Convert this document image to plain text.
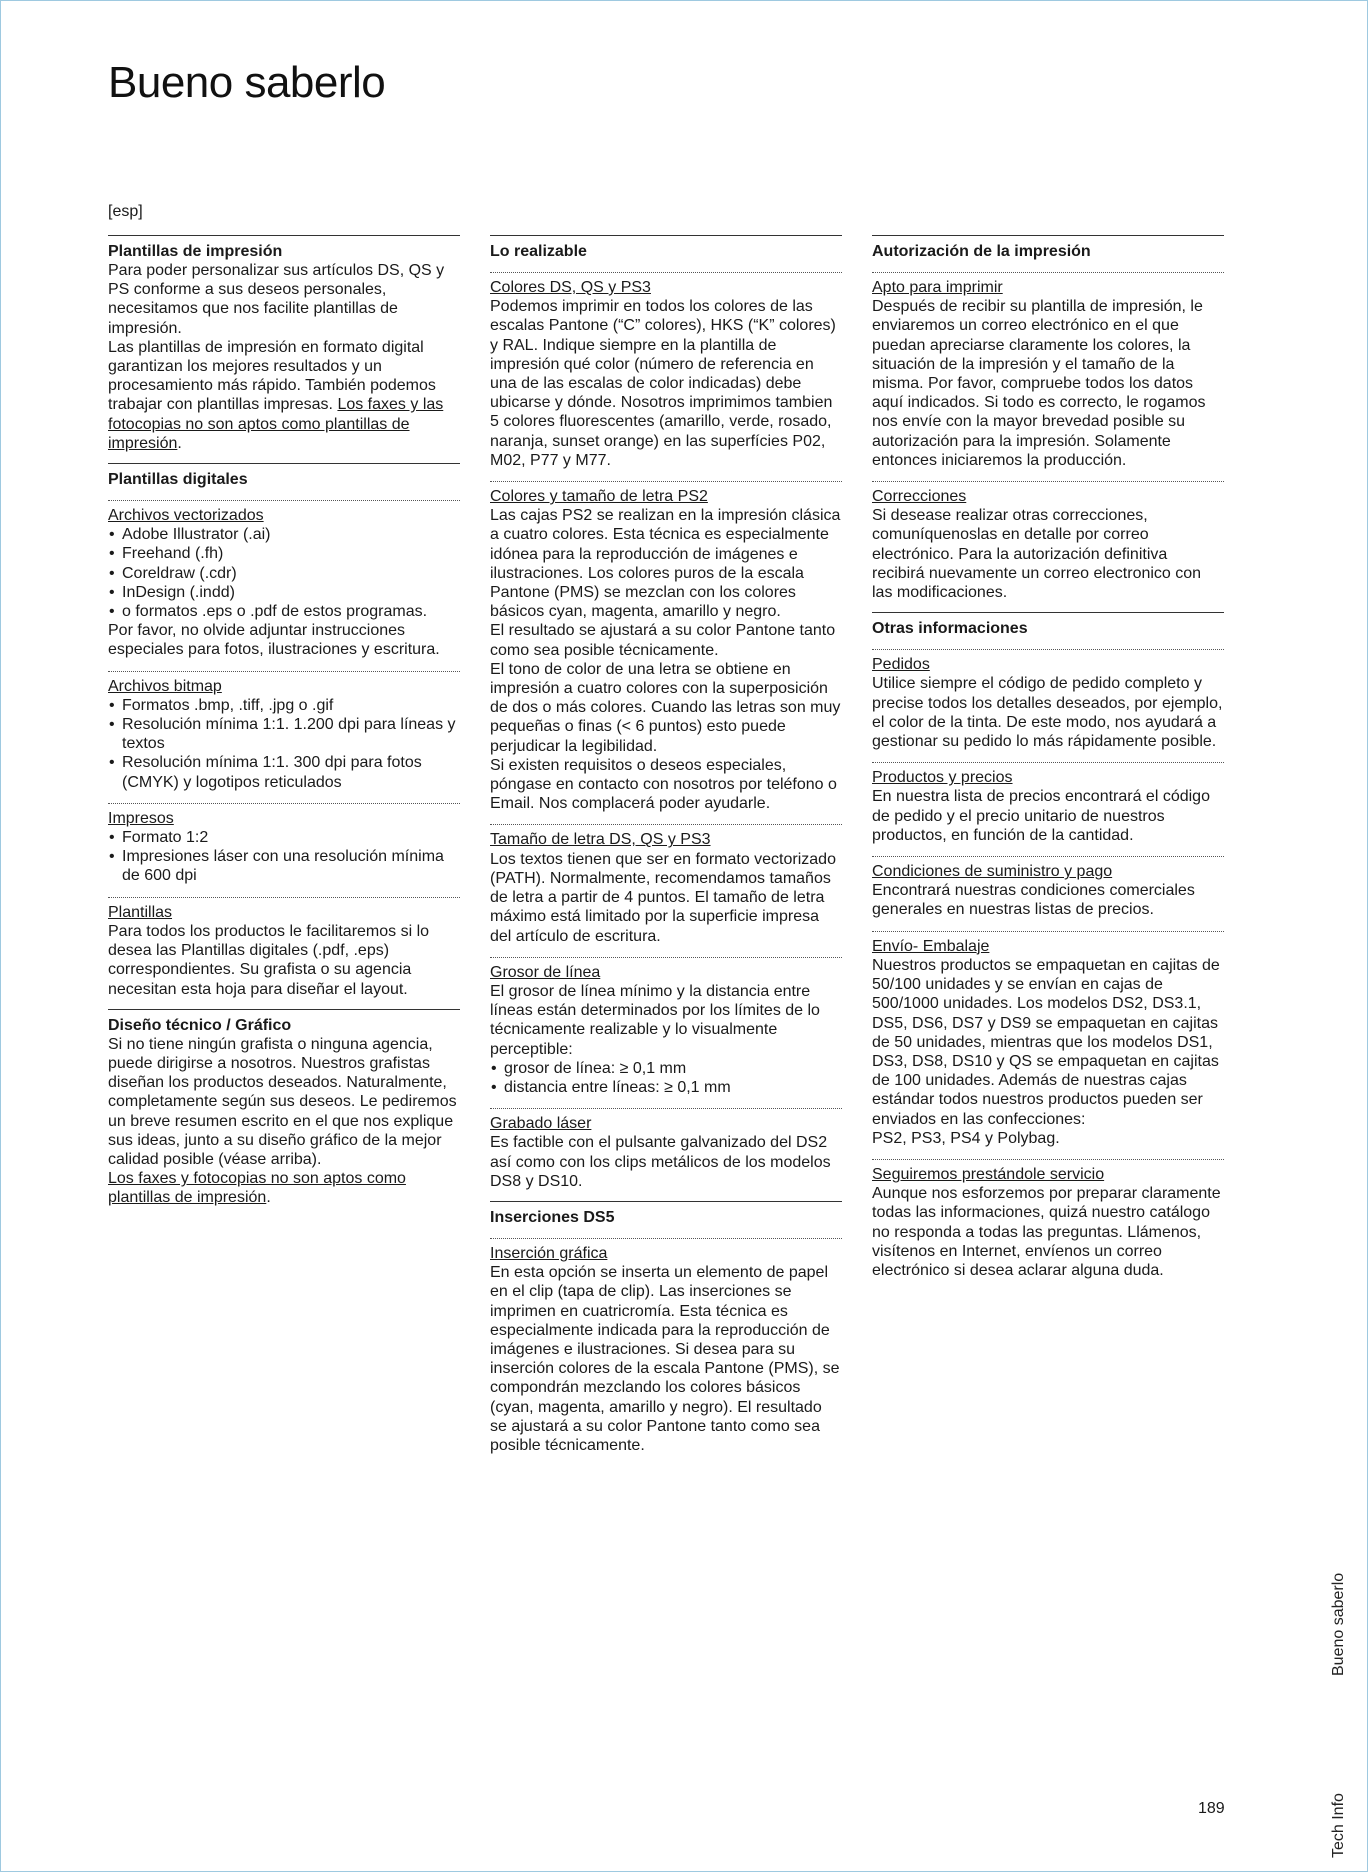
Bueno saberlo
[esp]
Plantillas de impresión
Para poder personalizar sus artículos DS, QS y PS conforme a sus deseos personales, necesitamos que nos facilite plantillas de impresión.
Las plantillas de impresión en formato digital garantizan los mejores resultados y un procesamiento más rápido. También podemos trabajar con plantillas impresas. Los faxes y las fotocopias no son aptos como plantillas de impresión.
Plantillas digitales
Archivos vectorizados
• Adobe Illustrator (.ai)
• Freehand (.fh)
• Coreldraw (.cdr)
• InDesign (.indd)
• o formatos .eps o .pdf de estos programas.
Por favor, no olvide adjuntar instrucciones especiales para fotos, ilustraciones y escritura.
Archivos bitmap
• Formatos .bmp, .tiff, .jpg o .gif
• Resolución mínima 1:1. 1.200 dpi para líneas y textos
• Resolución mínima 1:1. 300 dpi para fotos (CMYK) y logotipos reticulados
Impresos
• Formato 1:2
• Impresiones láser con una resolución mínima de 600 dpi
Plantillas
Para todos los productos le facilitaremos si lo desea las Plantillas digitales (.pdf, .eps) correspondientes. Su grafista o su agencia necesitan esta hoja para diseñar el layout.
Diseño técnico / Gráfico
Si no tiene ningún grafista o ninguna agencia, puede dirigirse a nosotros. Nuestros grafistas diseñan los productos deseados. Naturalmente, completamente según sus deseos. Le pediremos un breve resumen escrito en el que nos explique sus ideas, junto a su diseño gráfico de la mejor calidad posible (véase arriba).
Los faxes y fotocopias no son aptos como plantillas de impresión.
Lo realizable
Colores DS, QS y PS3
Podemos imprimir en todos los colores de las escalas Pantone (“C” colores), HKS (“K” colores) y RAL. Indique siempre en la plantilla de impresión qué color (número de referencia en una de las escalas de color indicadas) debe ubicarse y dónde. Nosotros imprimimos tambien 5 colores fluorescentes (amarillo, verde, rosado, naranja, sunset orange) en las superfícies P02, M02, P77 y M77.
Colores y tamaño de letra PS2
Las cajas PS2 se realizan en la impresión clásica a cuatro colores. Esta técnica es especialmente idónea para la reproducción de imágenes e ilustraciones. Los colores puros de la escala Pantone (PMS) se mezclan con los colores básicos cyan, magenta, amarillo y negro.
El resultado se ajustará a su color Pantone tanto como sea posible técnicamente.
El tono de color de una letra se obtiene en impresión a cuatro colores con la superposición de dos o más colores. Cuando las letras son muy pequeñas o finas (< 6 puntos) esto puede perjudicar la legibilidad.
Si existen requisitos o deseos especiales, póngase en contacto con nosotros por teléfono o Email. Nos complacerá poder ayudarle.
Tamaño de letra DS, QS y PS3
Los textos tienen que ser en formato vectorizado (PATH). Normalmente, recomendamos tamaños de letra a partir de 4 puntos. El tamaño de letra máximo está limitado por la superficie impresa del artículo de escritura.
Grosor de línea
El grosor de línea mínimo y la distancia entre líneas están determinados por los límites de lo técnicamente realizable y lo visualmente perceptible:
• grosor de línea: ≥ 0,1 mm
• distancia entre líneas: ≥ 0,1 mm
Grabado láser
Es factible con el pulsante galvanizado del DS2 así como con los clips metálicos de los modelos DS8 y DS10.
Inserciones DS5
Inserción gráfica
En esta opción se inserta un elemento de papel en el clip (tapa de clip). Las inserciones se imprimen en cuatricromía. Esta técnica es especialmente indicada para la reproducción de imágenes e ilustraciones. Si desea para su inserción colores de la escala Pantone (PMS), se compondrán mezclando los colores básicos (cyan, magenta, amarillo y negro). El resultado se ajustará a su color Pantone tanto como sea posible técnicamente.
Autorización de la impresión
Apto para imprimir
Después de recibir su plantilla de impresión, le enviaremos un correo electrónico en el que puedan apreciarse claramente los colores, la situación de la impresión y el tamaño de la misma. Por favor, compruebe todos los datos aquí indicados. Si todo es correcto, le rogamos nos envíe con la mayor brevedad posible su autorización para la impresión. Solamente entonces iniciaremos la producción.
Correcciones
Si desease realizar otras correcciones, comuníquenoslas en detalle por correo electrónico. Para la autorización definitiva recibirá nuevamente un correo electronico con las modificaciones.
Otras informaciones
Pedidos
Utilice siempre el código de pedido completo y precise todos los detalles deseados, por ejemplo, el color de la tinta. De este modo, nos ayudará a gestionar su pedido lo más rápidamente posible.
Productos y precios
En nuestra lista de precios encontrará el código de pedido y el precio unitario de nuestros productos, en función de la cantidad.
Condiciones de suministro y pago
Encontrará nuestras condiciones comerciales generales en nuestras listas de precios.
Envío- Embalaje
Nuestros productos se empaquetan en cajitas de 50/100 unidades y se envían en cajas de 500/1000 unidades. Los modelos DS2, DS3.1, DS5, DS6, DS7 y DS9 se empaquetan en cajitas de 50 unidades, mientras que los modelos DS1, DS3, DS8, DS10 y QS se empaquetan en cajitas de 100 unidades. Además de nuestras cajas estándar todos nuestros productos pueden ser enviados en las confecciones:
PS2, PS3, PS4 y Polybag.
Seguiremos prestándole servicio
Aunque nos esforzemos por preparar claramente todas las informaciones, quizá nuestro catálogo no responda a todas las preguntas. Llámenos, visítenos en Internet, envíenos un correo electrónico si desea aclarar alguna duda.
Bueno saberlo
Tech Info
189
